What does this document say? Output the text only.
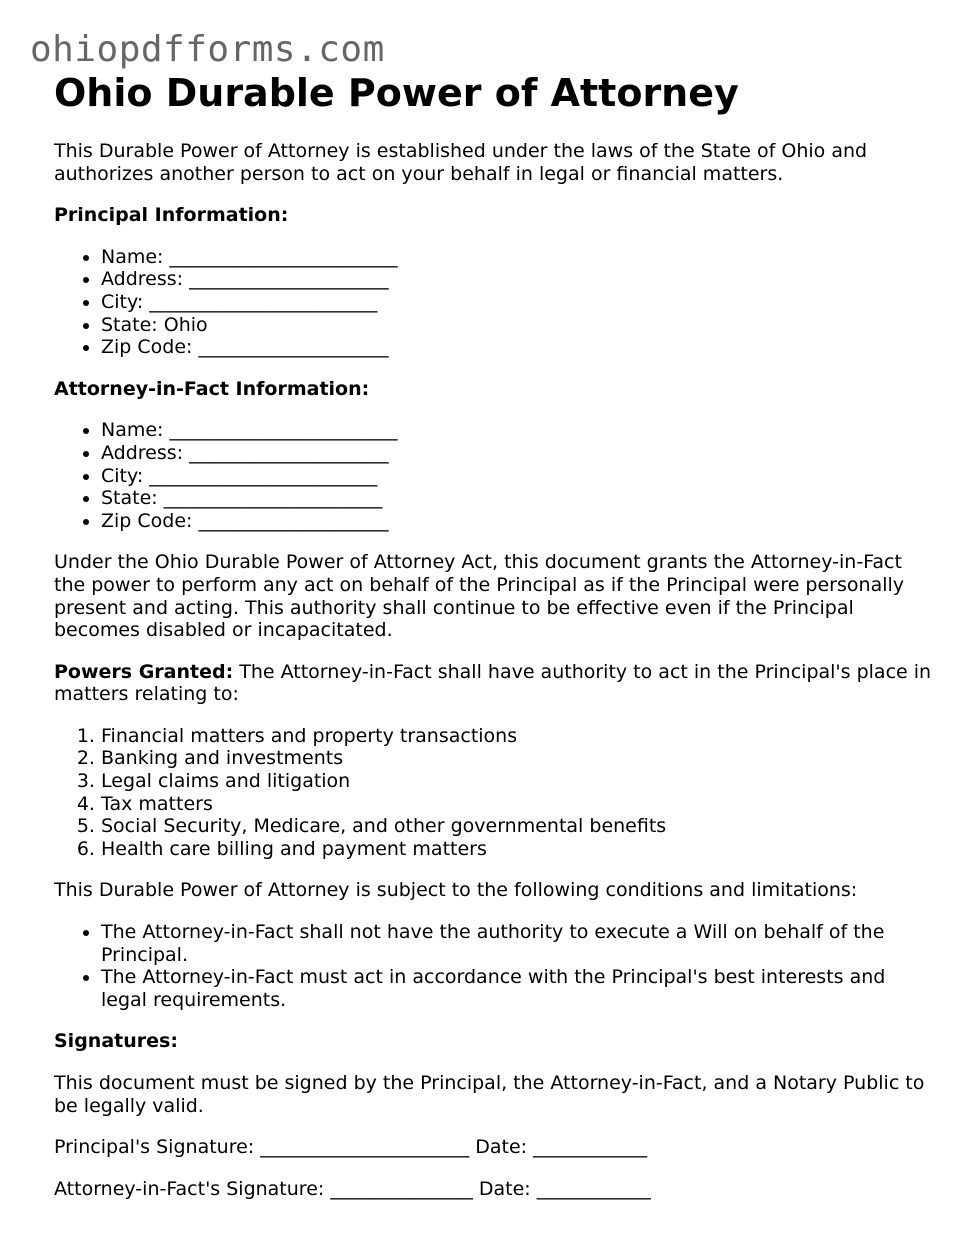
ohiopdfforms.com
Ohio Durable Power of Attorney

This Durable Power of Attorney is established under the laws of the State of Ohio and authorizes another person to act on your behalf in legal or financial matters.

Principal Information:
• Name: ________________________
• Address: _____________________
• City: ________________________
• State: Ohio
• Zip Code: ____________________
Attorney-in-Fact Information:
• Name: ________________________
• Address: _____________________
• City: ________________________
• State: _______________________
• Zip Code: ____________________

Under the Ohio Durable Power of Attorney Act, this document grants the Attorney-in-Fact the power to perform any act on behalf of the Principal as if the Principal were personally present and acting. This authority shall continue to be effective even if the Principal becomes disabled or incapacitated.

Powers Granted: The Attorney-in-Fact shall have authority to act in the Principal's place in matters relating to:

1. Financial matters and property transactions
2. Banking and investments
3. Legal claims and litigation
4. Tax matters
5. Social Security, Medicare, and other governmental benefits
6. Health care billing and payment matters

This Durable Power of Attorney is subject to the following conditions and limitations:

• The Attorney-in-Fact shall not have the authority to execute a Will on behalf of the Principal.
• The Attorney-in-Fact must act in accordance with the Principal's best interests and legal requirements.
Signatures:

This document must be signed by the Principal, the Attorney-in-Fact, and a Notary Public to be legally valid.

Principal's Signature: ______________________ Date: ____________
Attorney-in-Fact's Signature: _______________ Date: ____________
